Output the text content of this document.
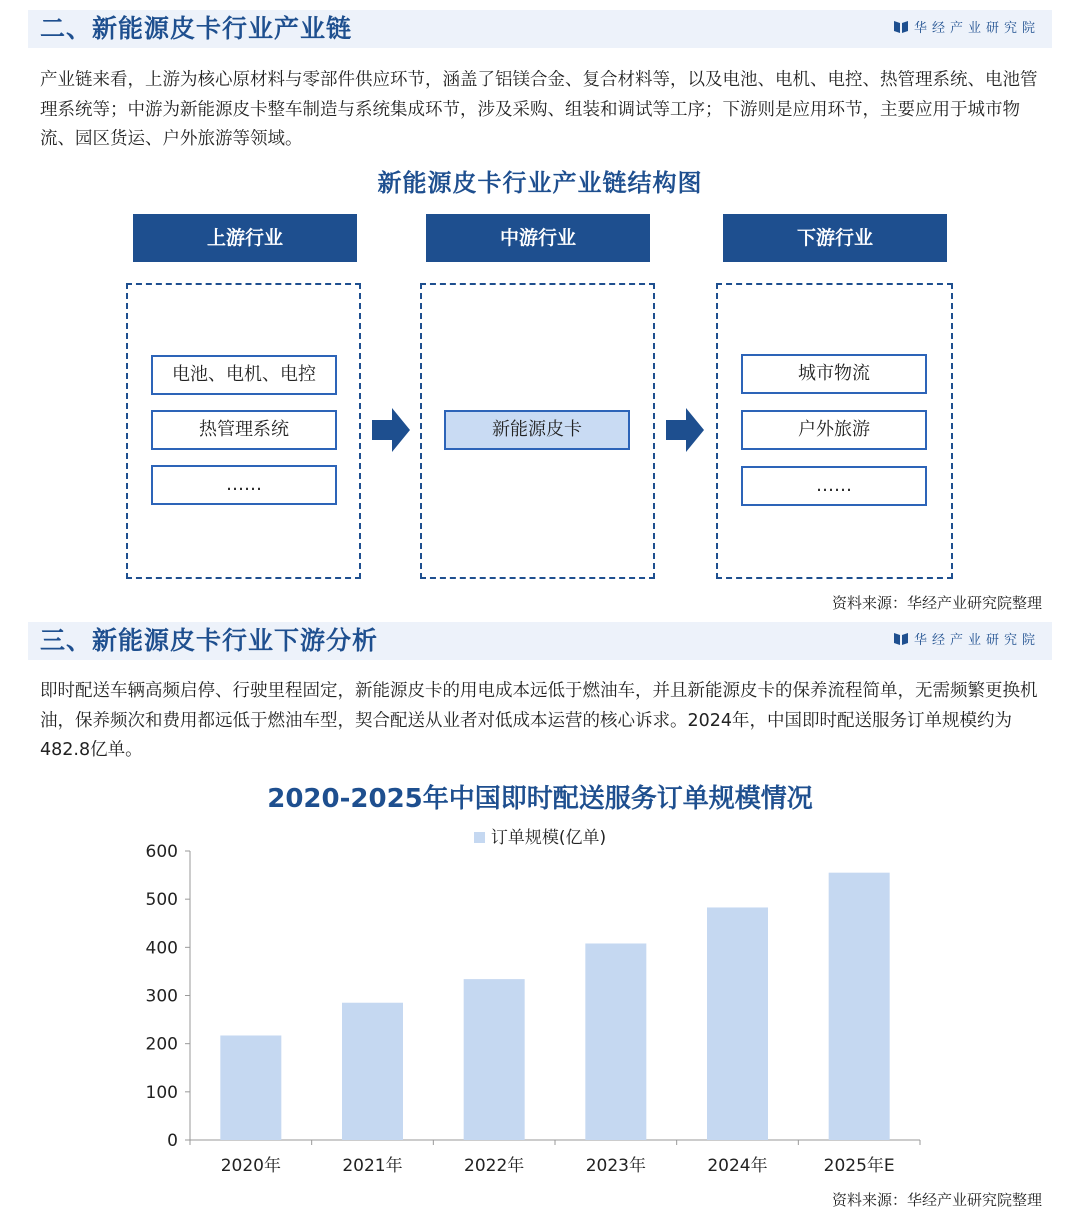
二、新能源皮卡行业产业链	华经产业研究院
产业链来看，上游为核心原材料与零部件供应环节，涵盖了铝镁合金、复合材料等，以及电池、电机、电控、热管理系统、电池管理系统等；中游为新能源皮卡整车制造与系统集成环节，涉及采购、组装和调试等工序；下游则是应用环节，主要应用于城市物流、园区货运、户外旅游等领域。
新能源皮卡行业产业链结构图
上游行业	中游行业	下游行业
电池、电机、电控
热管理系统
……
新能源皮卡
城市物流
户外旅游
……
资料来源：华经产业研究院整理
三、新能源皮卡行业下游分析	华经产业研究院
即时配送车辆高频启停、行驶里程固定，新能源皮卡的用电成本远低于燃油车，并且新能源皮卡的保养流程简单，无需频繁更换机油，保养频次和费用都远低于燃油车型，契合配送从业者对低成本运营的核心诉求。2024年，中国即时配送服务订单规模约为482.8亿单。
2020-2025年中国即时配送服务订单规模情况
订单规模(亿单)
0
100
200
300
400
500
600
2020年	2021年	2022年	2023年	2024年	2025年E
资料来源：华经产业研究院整理
